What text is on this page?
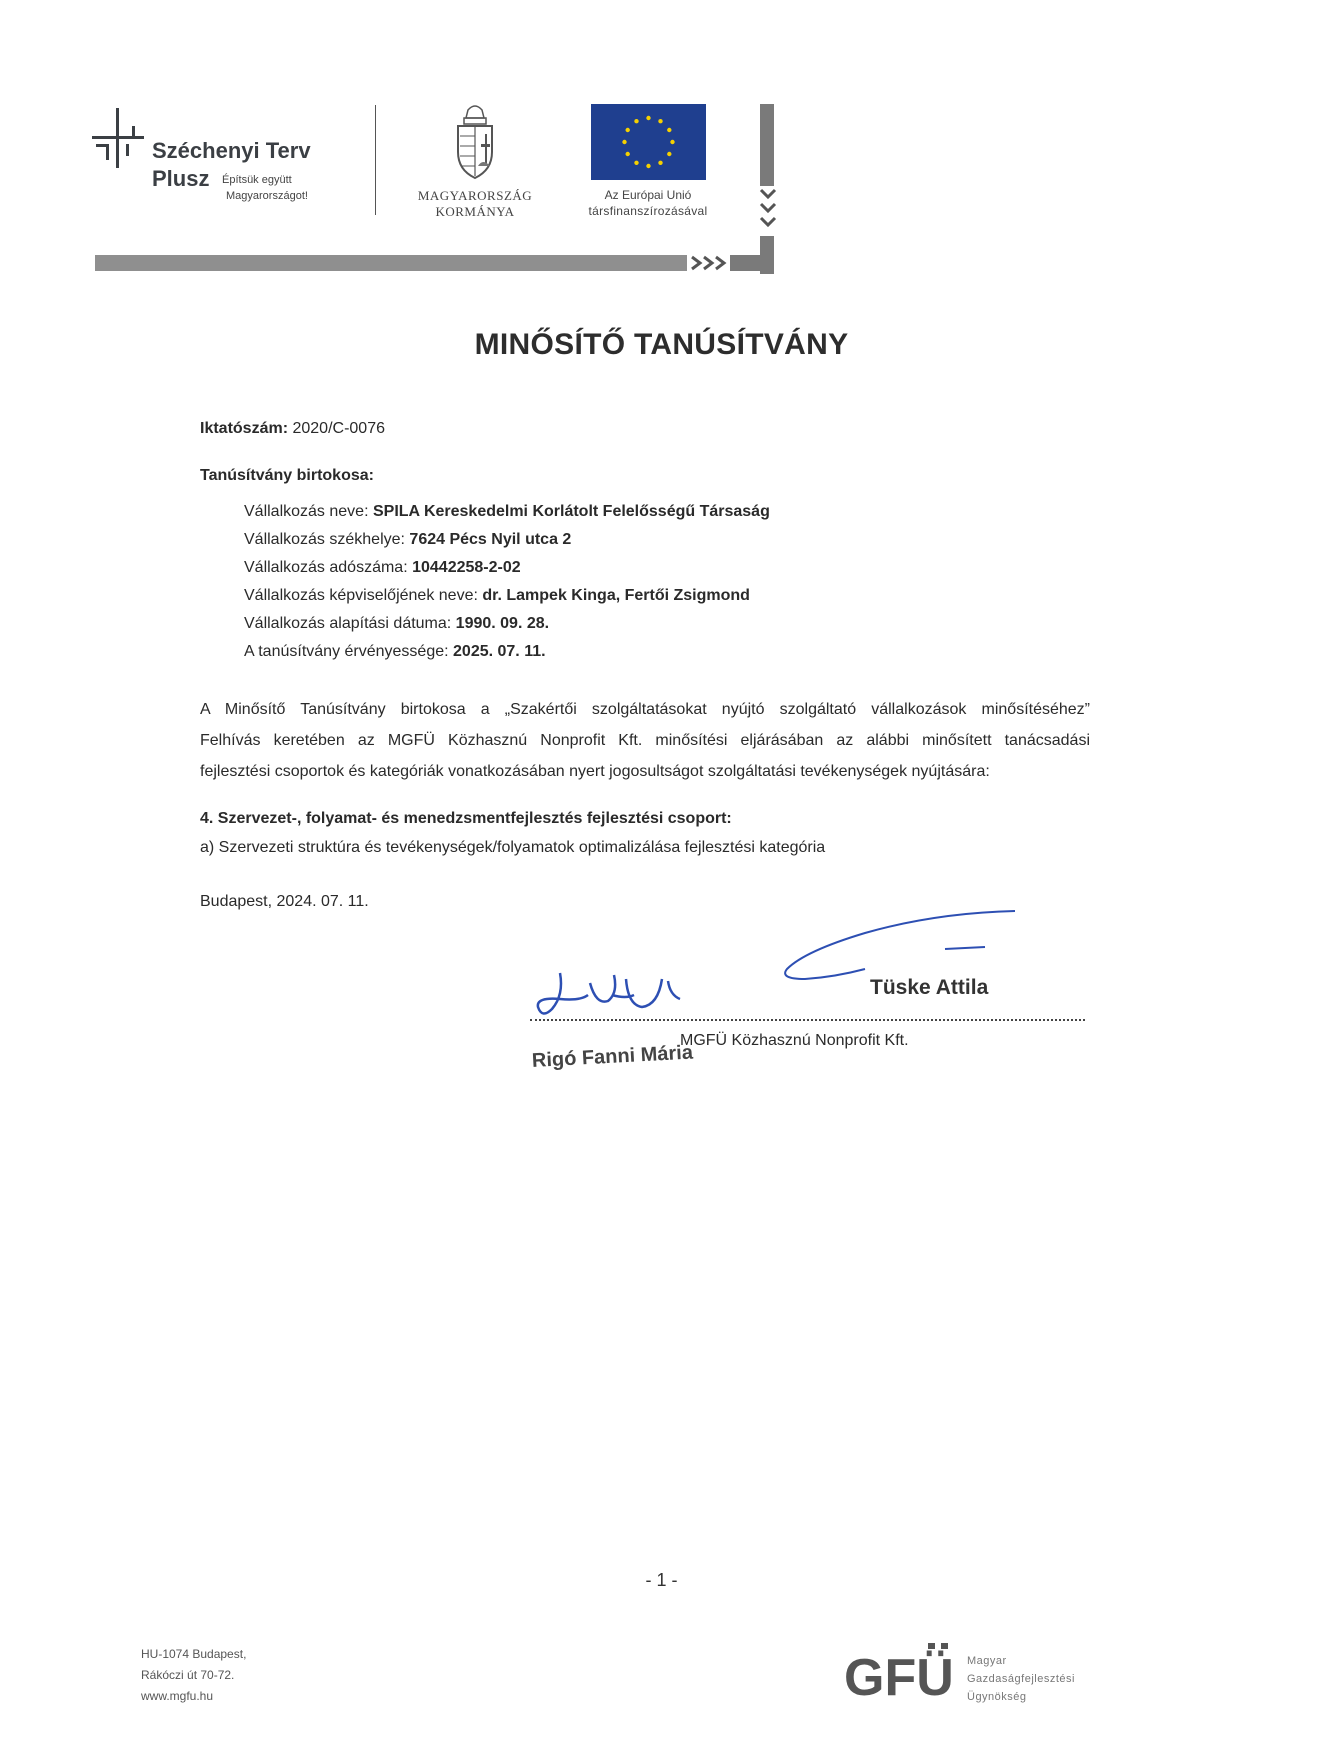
Széchenyi Terv
Plusz Építsük együtt
Magyarországot!	MAGYARORSZÁG
KORMÁNYA
Az Európai Unió
társfinanszírozásával
MINŐSÍTŐ TANÚSÍTVÁNY
Iktatószám: 2020/C-0076
Tanúsítvány birtokosa:
Vállalkozás neve: SPILA Kereskedelmi Korlátolt Felelősségű Társaság
Vállalkozás székhelye: 7624 Pécs Nyil utca 2
Vállalkozás adószáma: 10442258-2-02
Vállalkozás képviselőjének neve: dr. Lampek Kinga, Fertői Zsigmond
Vállalkozás alapítási dátuma: 1990. 09. 28.
A tanúsítvány érvényessége: 2025. 07. 11.
A Minősítő Tanúsítvány birtokosa a „Szakértői szolgáltatásokat nyújtó szolgáltató vállalkozások minősítéséhez”
Felhívás keretében az MGFÜ Közhasznú Nonprofit Kft. minősítési eljárásában az alábbi minősített tanácsadási
fejlesztési csoportok és kategóriák vonatkozásában nyert jogosultságot szolgáltatási tevékenységek nyújtására:
4. Szervezet-, folyamat- és menedzsmentfejlesztés fejlesztési csoport:
a) Szervezeti struktúra és tevékenységek/folyamatok optimalizálása fejlesztési kategória
Budapest, 2024. 07. 11.
Tüske Attila
MGFÜ Közhasznú Nonprofit Kft.
Rigó Fanni Mária
- 1 -
HU-1074 Budapest,
Rákóczi út 70-72.
www.mgfu.hu	GFÜ Magyar
Gazdaságfejlesztési
Ügynökség
